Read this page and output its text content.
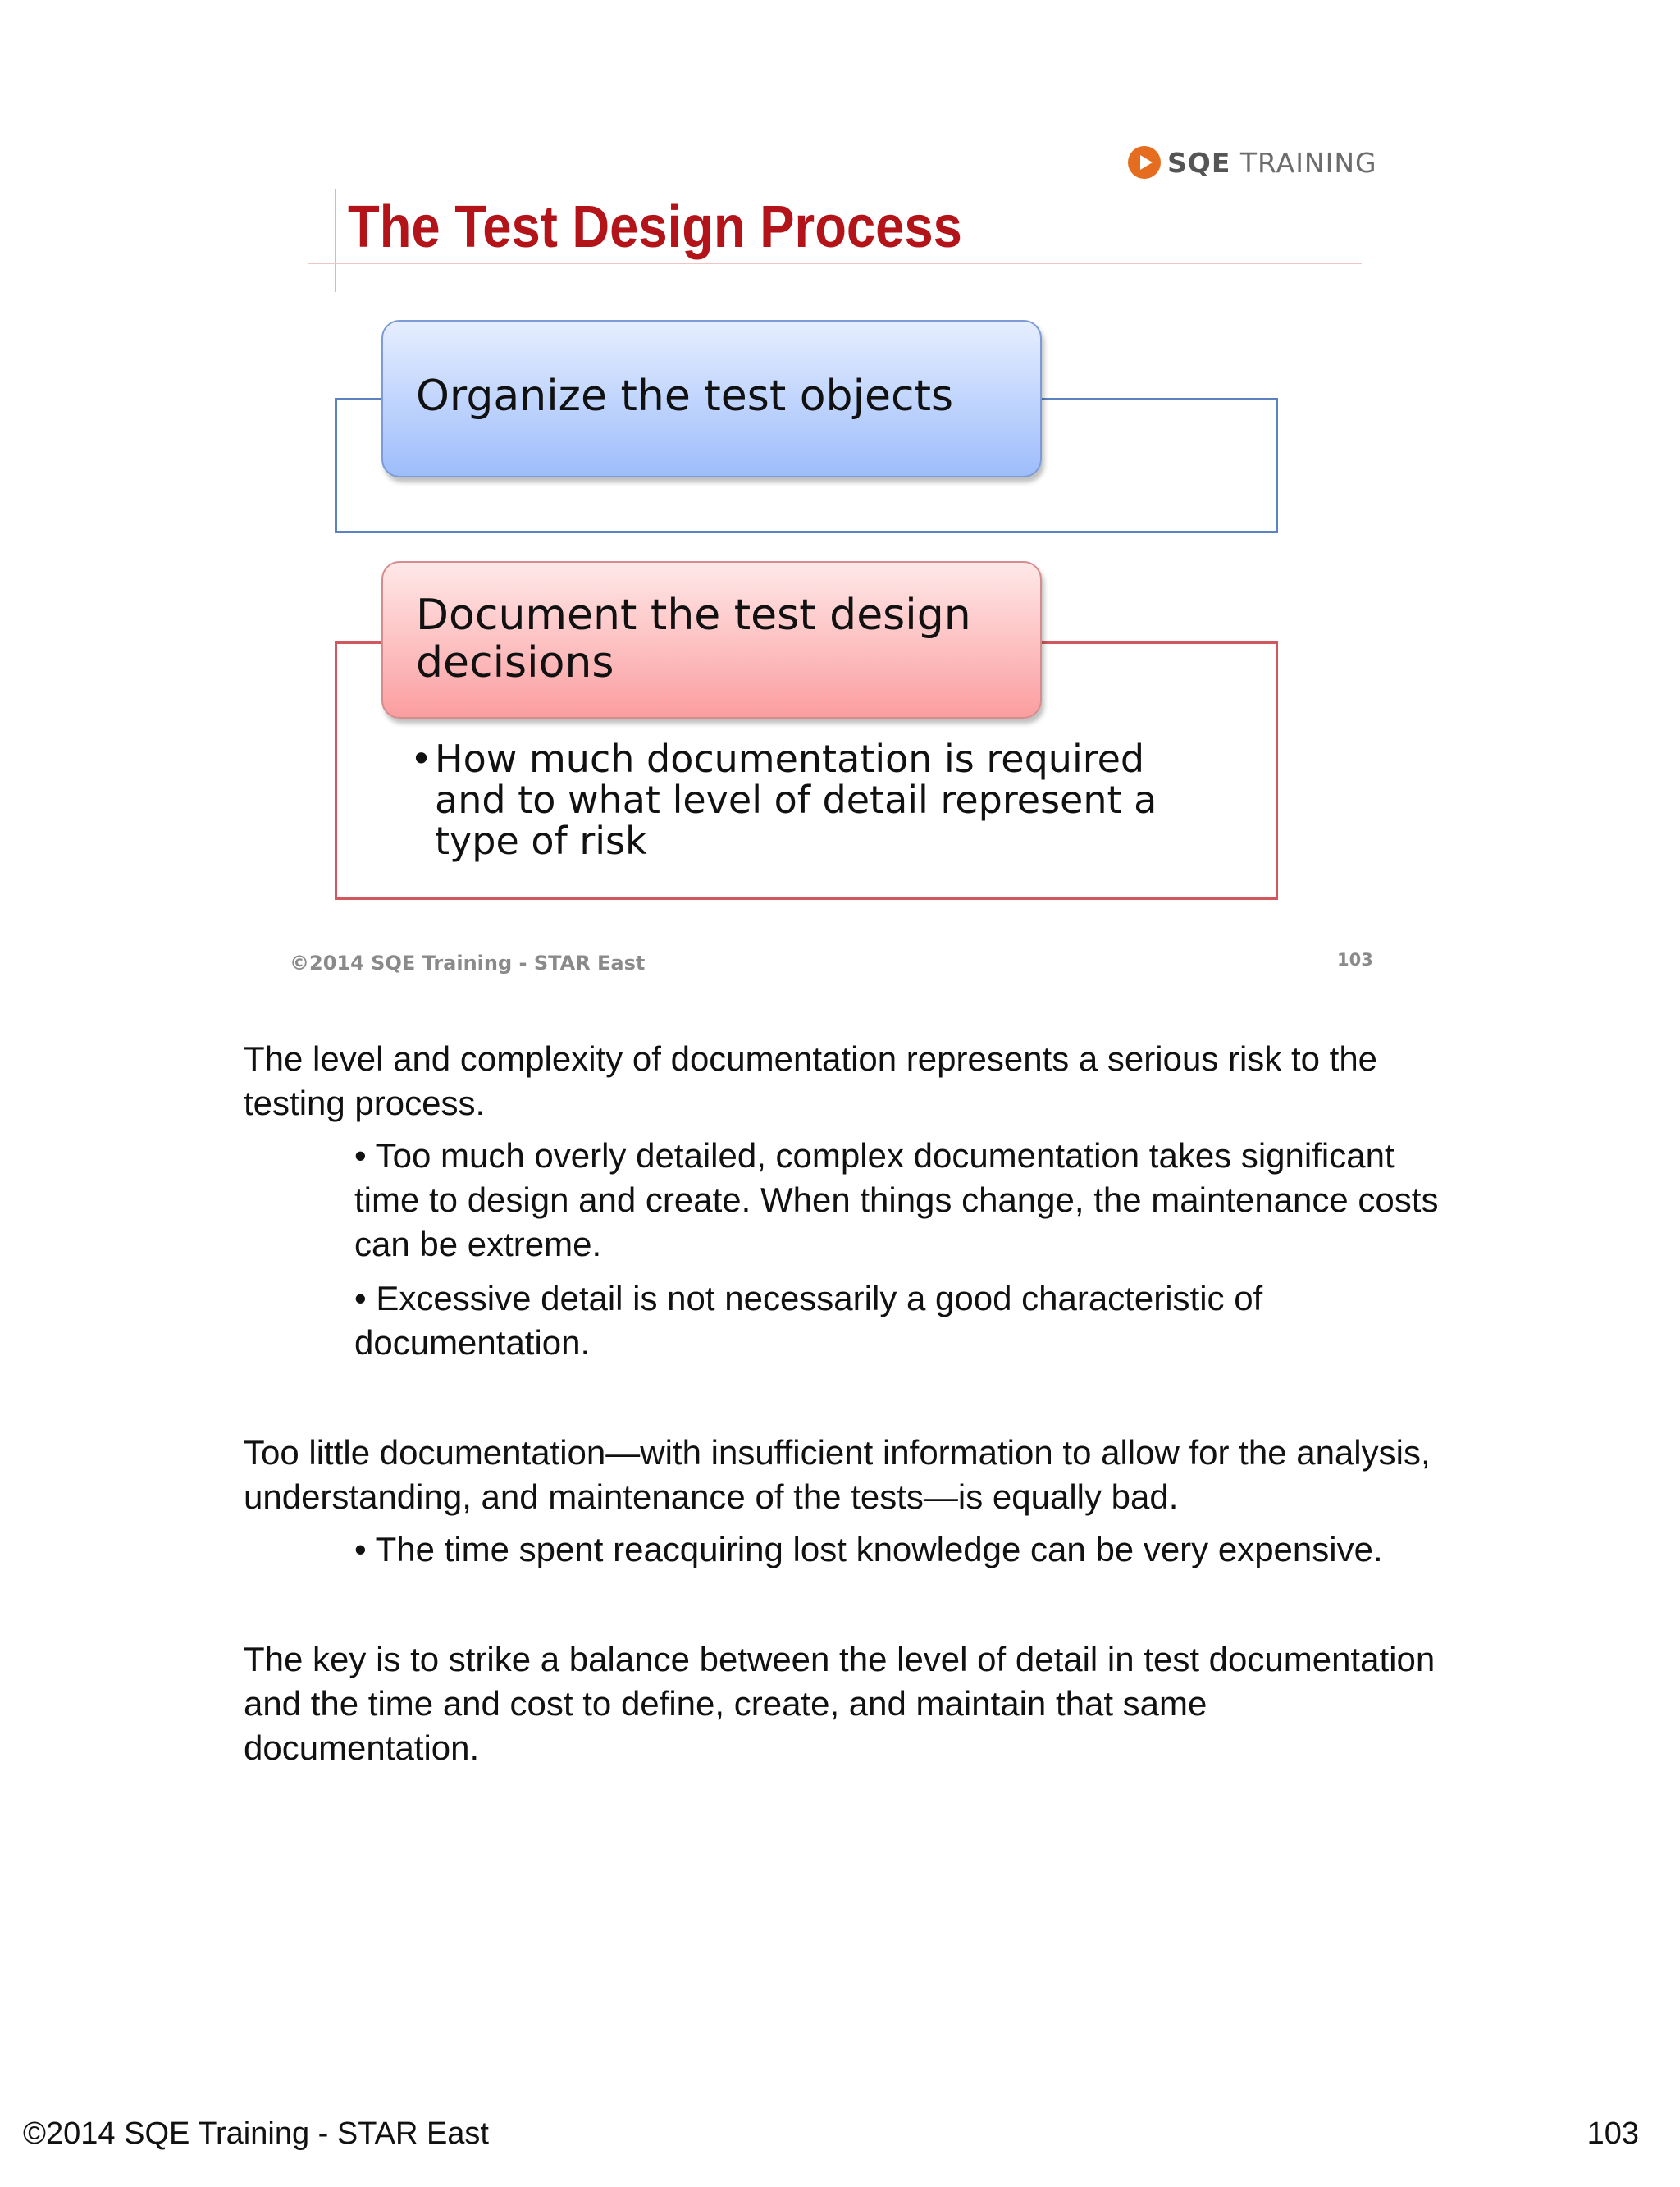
SQE TRAINING
The Test Design Process
Organize the test objects
Document the test design decisions
• How much documentation is required and to what level of detail represent a type of risk
©2014 SQE Training - STAR East	103

The level and complexity of documentation represents a serious risk to the testing process.

• Too much overly detailed, complex documentation takes significant time to design and create. When things change, the maintenance costs can be extreme.
• Excessive detail is not necessarily a good characteristic of documentation.

Too little documentation—with insufficient information to allow for the analysis, understanding, and maintenance of the tests—is equally bad.

• The time spent reacquiring lost knowledge can be very expensive.

The key is to strike a balance between the level of detail in test documentation and the time and cost to define, create, and maintain that same documentation.

©2014 SQE Training - STAR East	103
